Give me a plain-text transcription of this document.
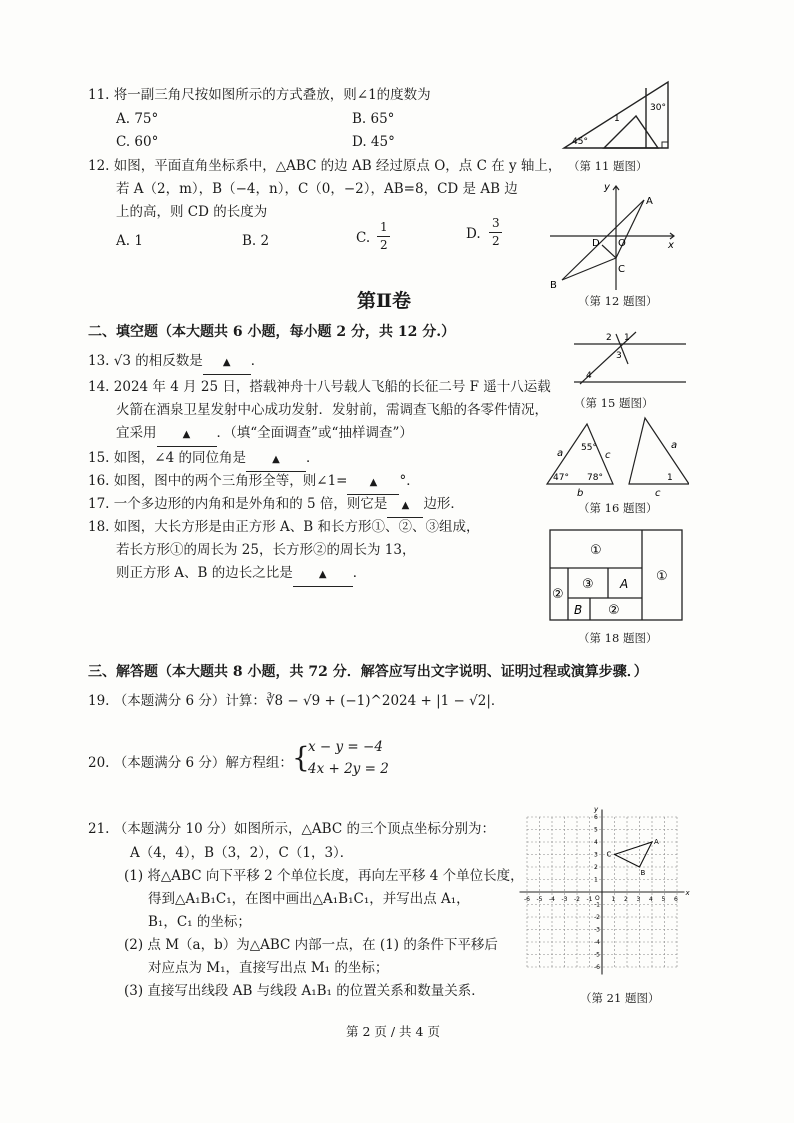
11. 将一副三角尺按如图所示的方式叠放，则∠1的度数为
A. 75°	B. 65°
C. 60°	D. 45°
1
30°
45°
（第 11 题图）
12. 如图，平面直角坐标系中，△ABC 的边 AB 经过原点 O，点 C 在 y 轴上，
若 A（2，m），B（−4，n），C（0，−2），AB=8，CD 是 AB 边
上的高，则 CD 的长度为
A. 1	B. 2	C.
1
2
D.
3
2
A
B
C
D O	x
y
（第 12 题图）
第Ⅱ卷
二、填空题（本大题共 6 小题，每小题 2 分，共 12 分.）
13. √3 的相反数是 ▲ ．
14. 2024 年 4 月 25 日，搭载神舟十八号载人飞船的长征二号 F 遥十八运载
火箭在酒泉卫星发射中心成功发射．发射前，需调查飞船的各零件情况，
宜采用	▲ ．（填“全面调查”或“抽样调查”）
15. 如图，∠4 的同位角是	▲ ．
16. 如图，图中的两个三角形全等，则∠1= ▲ °．
17. 一个多边形的内角和是外角和的 5 倍，则它是 ▲ 边形．
18. 如图，大长方形是由正方形 A、B 和长方形①、②、③组成，
若长方形①的周长为 25，长方形②的周长为 13，
则正方形 A、B 的边长之比是	▲ ．
2 1
3
4
（第 15 题图）
55°
47° 78°
a	c
b
a
c
1
（第 16 题图）
①
①
②
②
③ A
B
（第 18 题图）
三、解答题（本大题共 8 小题，共 72 分．解答应写出文字说明、证明过程或演算步骤．）
19. （本题满分 6 分）计算：∛8 − √9 + (−1)^2024 + |1 − √2|．
20. （本题满分 6 分）解方程组： {
x − y = −4
4x + 2y = 2
21. （本题满分 10 分）如图所示，△ABC 的三个顶点坐标分别为：
A（4，4），B（3，2），C（1，3）．
(1) 将△ABC 向下平移 2 个单位长度，再向左平移 4 个单位长度，
得到△A₁B₁C₁，在图中画出△A₁B₁C₁，并写出点 A₁，
B₁，C₁ 的坐标；
(2) 点 M（a，b）为△ABC 内部一点，在 (1) 的条件下平移后
对应点为 M₁，直接写出点 M₁ 的坐标；
(3) 直接写出线段 AB 与线段 A₁B₁ 的位置关系和数量关系．
-6
-6
-5
-5
-4
-4
-3
-3
-2
-2
-1
-1
1
1
2
2
3
3
4
4
5
5
6
6
O
x
y
A
B
C
（第 21 题图）
第 2 页 / 共 4 页
